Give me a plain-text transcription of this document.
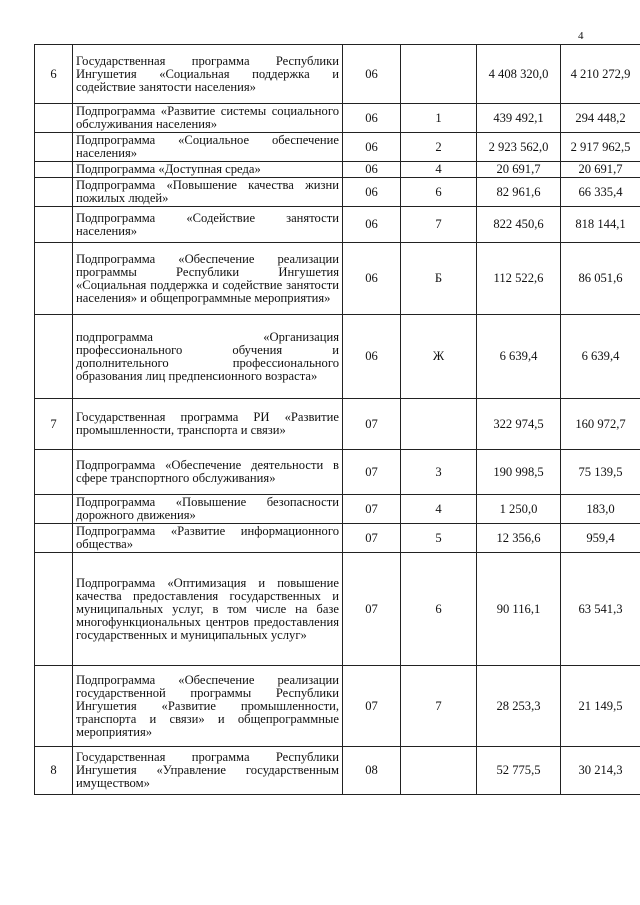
4
6	Государственная программа Республики Ингушетия «Социальная поддержка и содействие занятости населения»	06		4 408 320,0	4 210 272,9
	Подпрограмма «Развитие системы социального обслуживания населения»	06	1	439 492,1	294 448,2
	Подпрограмма «Социальное обеспечение населения»	06	2	2 923 562,0	2 917 962,5
	Подпрограмма «Доступная среда»	06	4	20 691,7	20 691,7
	Подпрограмма «Повышение качества жизни пожилых людей»	06	6	82 961,6	66 335,4
	Подпрограмма «Содействие занятости населения»	06	7	822 450,6	818 144,1
	Подпрограмма «Обеспечение реализации программы Республики Ингушетия «Социальная поддержка и содействие занятости населения» и общепрограммные мероприятия»	06	Б	112 522,6	86 051,6
	подпрограмма «Организация профессионального обучения и дополнительного профессионального образования лиц предпенсионного возраста»	06	Ж	6 639,4	6 639,4
7	Государственная программа РИ «Развитие промышленности, транспорта и связи»	07		322 974,5	160 972,7
	Подпрограмма «Обеспечение деятельности в сфере транспортного обслуживания»	07	3	190 998,5	75 139,5
	Подпрограмма «Повышение безопасности дорожного движения»	07	4	1 250,0	183,0
	Подпрограмма «Развитие информационного общества»	07	5	12 356,6	959,4
	Подпрограмма «Оптимизация и повышение качества предоставления государственных и муниципальных услуг, в том числе на базе многофункциональных центров предоставления государственных и муниципальных услуг»	07	6	90 116,1	63 541,3
	Подпрограмма «Обеспечение реализации государственной программы Республики Ингушетия «Развитие промышленности, транспорта и связи» и общепрограммные мероприятия»	07	7	28 253,3	21 149,5
8	Государственная программа Республики Ингушетия «Управление государственным имуществом»	08		52 775,5	30 214,3
